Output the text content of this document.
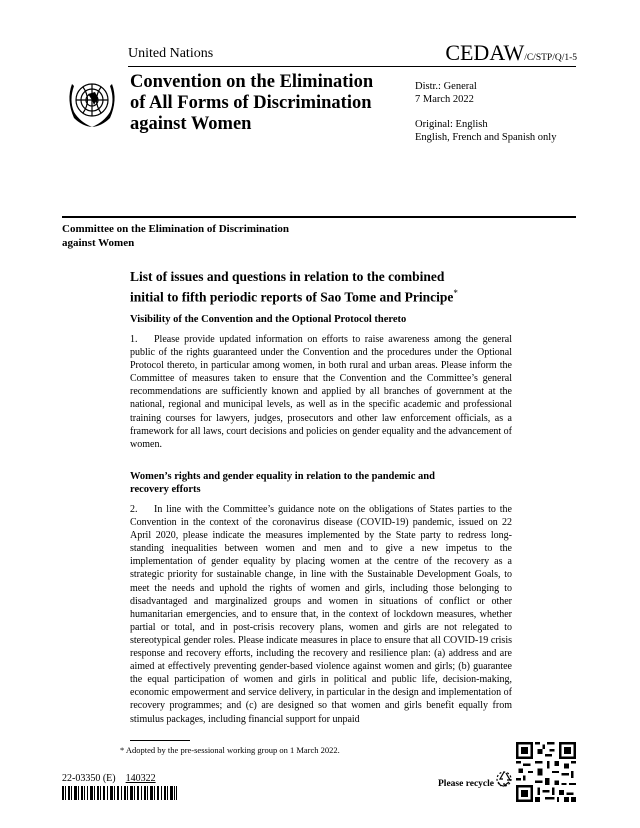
United Nations	CEDAW/C/STP/Q/1-5
Convention on the Elimination
of All Forms of Discrimination
against Women
Distr.: General
7 March 2022
Original: English
English, French and Spanish only
Committee on the Elimination of Discrimination
against Women
List of issues and questions in relation to the combined
initial to fifth periodic reports of Sao Tome and Principe*
Visibility of the Convention and the Optional Protocol thereto
1. Please provide updated information on efforts to raise awareness among the general public of the rights guaranteed under the Convention and the procedures under the Optional Protocol thereto, in particular among women, in both rural and urban areas. Please inform the Committee of measures taken to ensure that the Convention and the Committee’s general recommendations are sufficiently known and applied by all branches of government at the national, regional and municipal levels, as well as in the specific academic and professional training courses for lawyers, judges, prosecutors and other law enforcement officials, as a framework for all laws, court decisions and policies on gender equality and the advancement of women.
Women’s rights and gender equality in relation to the pandemic and
recovery efforts
2. In line with the Committee’s guidance note on the obligations of States parties to the Convention in the context of the coronavirus disease (COVID-19) pandemic, issued on 22 April 2020, please indicate the measures implemented by the State party to redress long-standing inequalities between women and men and to give a new impetus to the implementation of gender equality by placing women at the centre of the recovery as a strategic priority for sustainable change, in line with the Sustainable Development Goals, to meet the needs and uphold the rights of women and girls, including those belonging to disadvantaged and marginalized groups and women in situations of conflict or other humanitarian emergencies, and to ensure that, in the context of lockdown measures, whether partial or total, and in post-crisis recovery plans, women and girls are not relegated to stereotypical gender roles. Please indicate measures in place to ensure that all COVID-19 crisis response and recovery efforts, including the recovery and resilience plan: (a) address and are aimed at effectively preventing gender-based violence against women and girls; (b) guarantee the equal participation of women and girls in political and public life, decision-making, economic empowerment and service delivery, in particular in the design and implementation of recovery programmes; and (c) are designed so that women and girls benefit equally from stimulus packages, including financial support for unpaid
* Adopted by the pre-sessional working group on 1 March 2022.
22-03350 (E) 140322	Please recycle
